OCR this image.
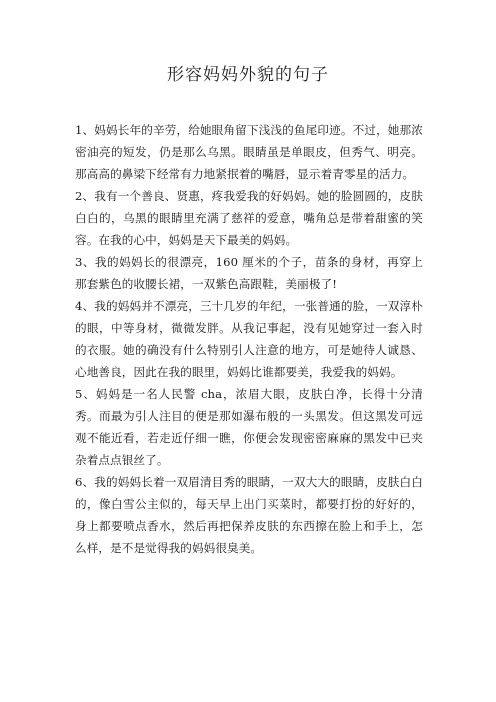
形容妈妈外貌的句子

1、妈妈长年的辛劳，给她眼角留下浅浅的鱼尾印迹。不过，她那浓密油亮的短发，仍是那么乌黑。眼睛虽是单眼皮，但秀气、明亮。那高高的鼻梁下经常有力地紧抿着的嘴唇，显示着青零星的活力。

2、我有一个善良、贤惠，疼我爱我的好妈妈。她的脸圆圆的，皮肤白白的，乌黑的眼睛里充满了慈祥的爱意，嘴角总是带着甜蜜的笑容。在我的心中，妈妈是天下最美的妈妈。

3、我的妈妈长的很漂亮，160 厘米的个子，苗条的身材，再穿上那套紫色的收腰长裙，一双紫色高跟鞋，美丽极了!

4、我的妈妈并不漂亮，三十几岁的年纪，一张普通的脸，一双淳朴的眼，中等身材，微微发胖。从我记事起，没有见她穿过一套入时的衣服。她的确没有什么特别引人注意的地方，可是她待人诚恳、心地善良，因此在我的眼里，妈妈比谁都要美，我爱我的妈妈。

5、妈妈是一名人民警 cha，浓眉大眼，皮肤白净，长得十分清秀。而最为引人注目的便是那如瀑布般的一头黑发。但这黑发可远观不能近看，若走近仔细一瞧，你便会发现密密麻麻的黑发中已夹杂着点点银丝了。

6、我的妈妈长着一双眉清目秀的眼睛，一双大大的眼睛，皮肤白白的，像白雪公主似的，每天早上出门买菜时，都要打扮的好好的，身上都要喷点香水，然后再把保养皮肤的东西擦在脸上和手上，怎么样，是不是觉得我的妈妈很臭美。
